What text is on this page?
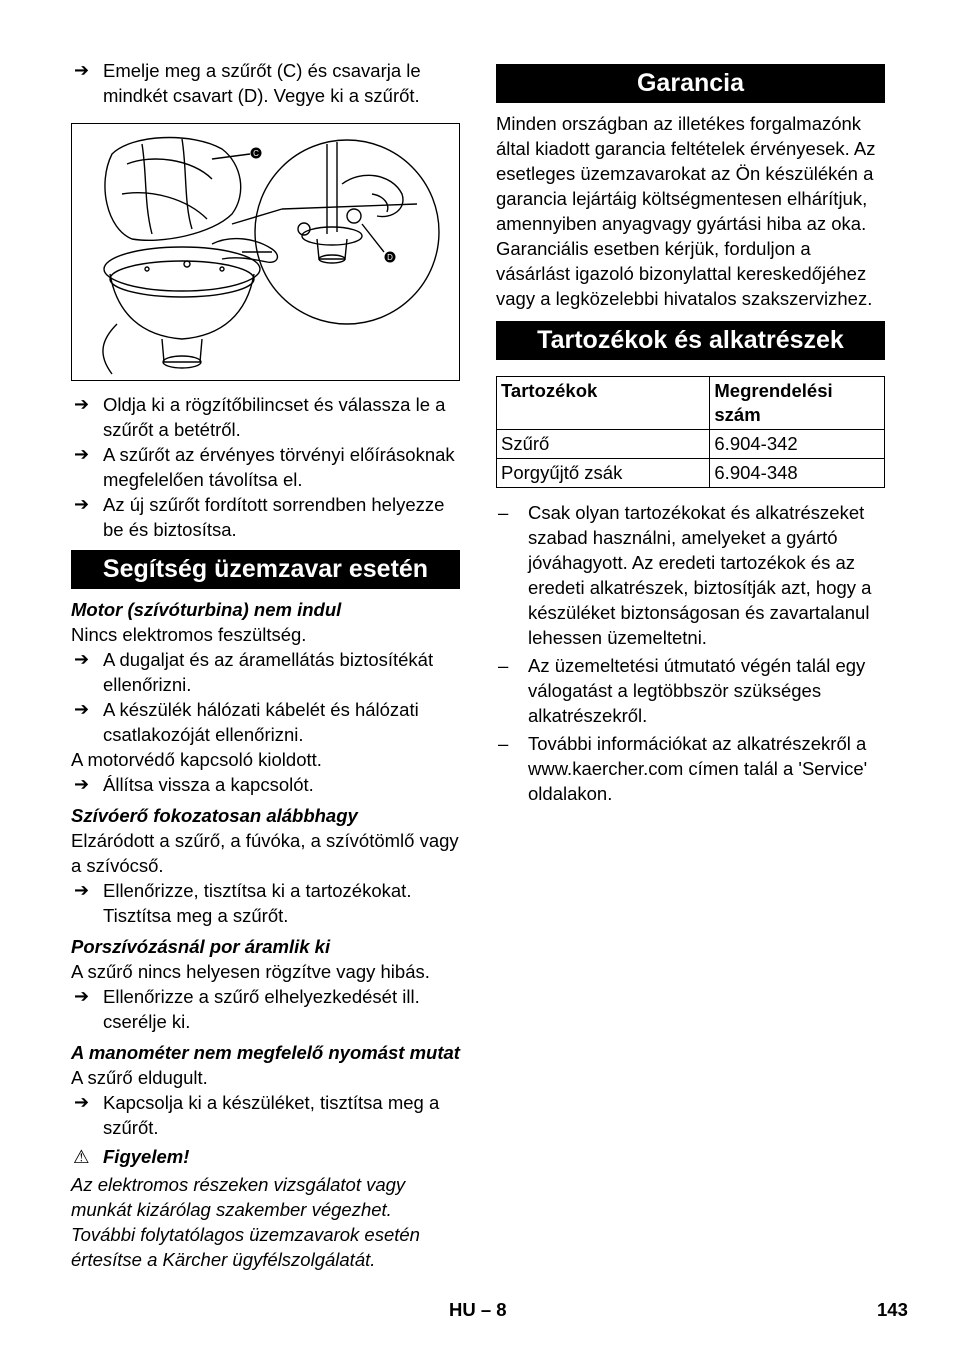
➔ Emelje meg a szűrőt (C) és csavarja le mindkét csavart (D). Vegye ki a szűrőt.
C
D
➔ Oldja ki a rögzítőbilincset és válassza le a szűrőt a betétről.
➔ A szűrőt az érvényes törvényi előírásoknak megfelelően távolítsa el.
➔ Az új szűrőt fordított sorrendben helyezze be és biztosítsa.
Segítség üzemzavar esetén
Motor (szívóturbina) nem indul
Nincs elektromos feszültség.
➔ A dugaljat és az áramellátás biztosítékát ellenőrizni.
➔ A készülék hálózati kábelét és hálózati csatlakozóját ellenőrizni.
A motorvédő kapcsoló kioldott.
➔ Állítsa vissza a kapcsolót.
Szívóerő fokozatosan alábbhagy
Elzáródott a szűrő, a fúvóka, a szívótömlő vagy a szívócső.
➔ Ellenőrizze, tisztítsa ki a tartozékokat. Tisztítsa meg a szűrőt.
Porszívózásnál por áramlik ki
A szűrő nincs helyesen rögzítve vagy hibás.
➔ Ellenőrizze a szűrő elhelyezkedését ill. cserélje ki.
A manométer nem megfelelő nyomást mutat
A szűrő eldugult.
➔ Kapcsolja ki a készüléket, tisztítsa meg a szűrőt.
⚠ Figyelem!
Az elektromos részeken vizsgálatot vagy munkát kizárólag szakember végezhet. További folytatólagos üzemzavarok esetén értesítse a Kärcher ügyfélszolgálatát.
Garancia
Minden országban az illetékes forgalmazónk által kiadott garancia feltételek érvényesek. Az esetleges üzemzavarokat az Ön készülékén a garancia lejártáig költségmentesen elhárítjuk, amennyiben anyagvagy gyártási hiba az oka. Garanciális esetben kérjük, forduljon a vásárlást igazoló bizonylattal kereskedőjéhez vagy a legközelebbi hivatalos szakszervizhez.
Tartozékok és alkatrészek
Tartozékok	Megrendelési szám
Szűrő	6.904-342
Porgyűjtő zsák	6.904-348
– Csak olyan tartozékokat és alkatrészeket szabad használni, amelyeket a gyártó jóváhagyott. Az eredeti tartozékok és az eredeti alkatrészek, biztosítják azt, hogy a készüléket biztonságosan és zavartalanul lehessen üzemeltetni.
– Az üzemeltetési útmutató végén talál egy válogatást a legtöbbször szükséges alkatrészekről.
– További információkat az alkatrészekről a www.kaercher.com címen talál a 'Service' oldalakon.
HU – 8	143
